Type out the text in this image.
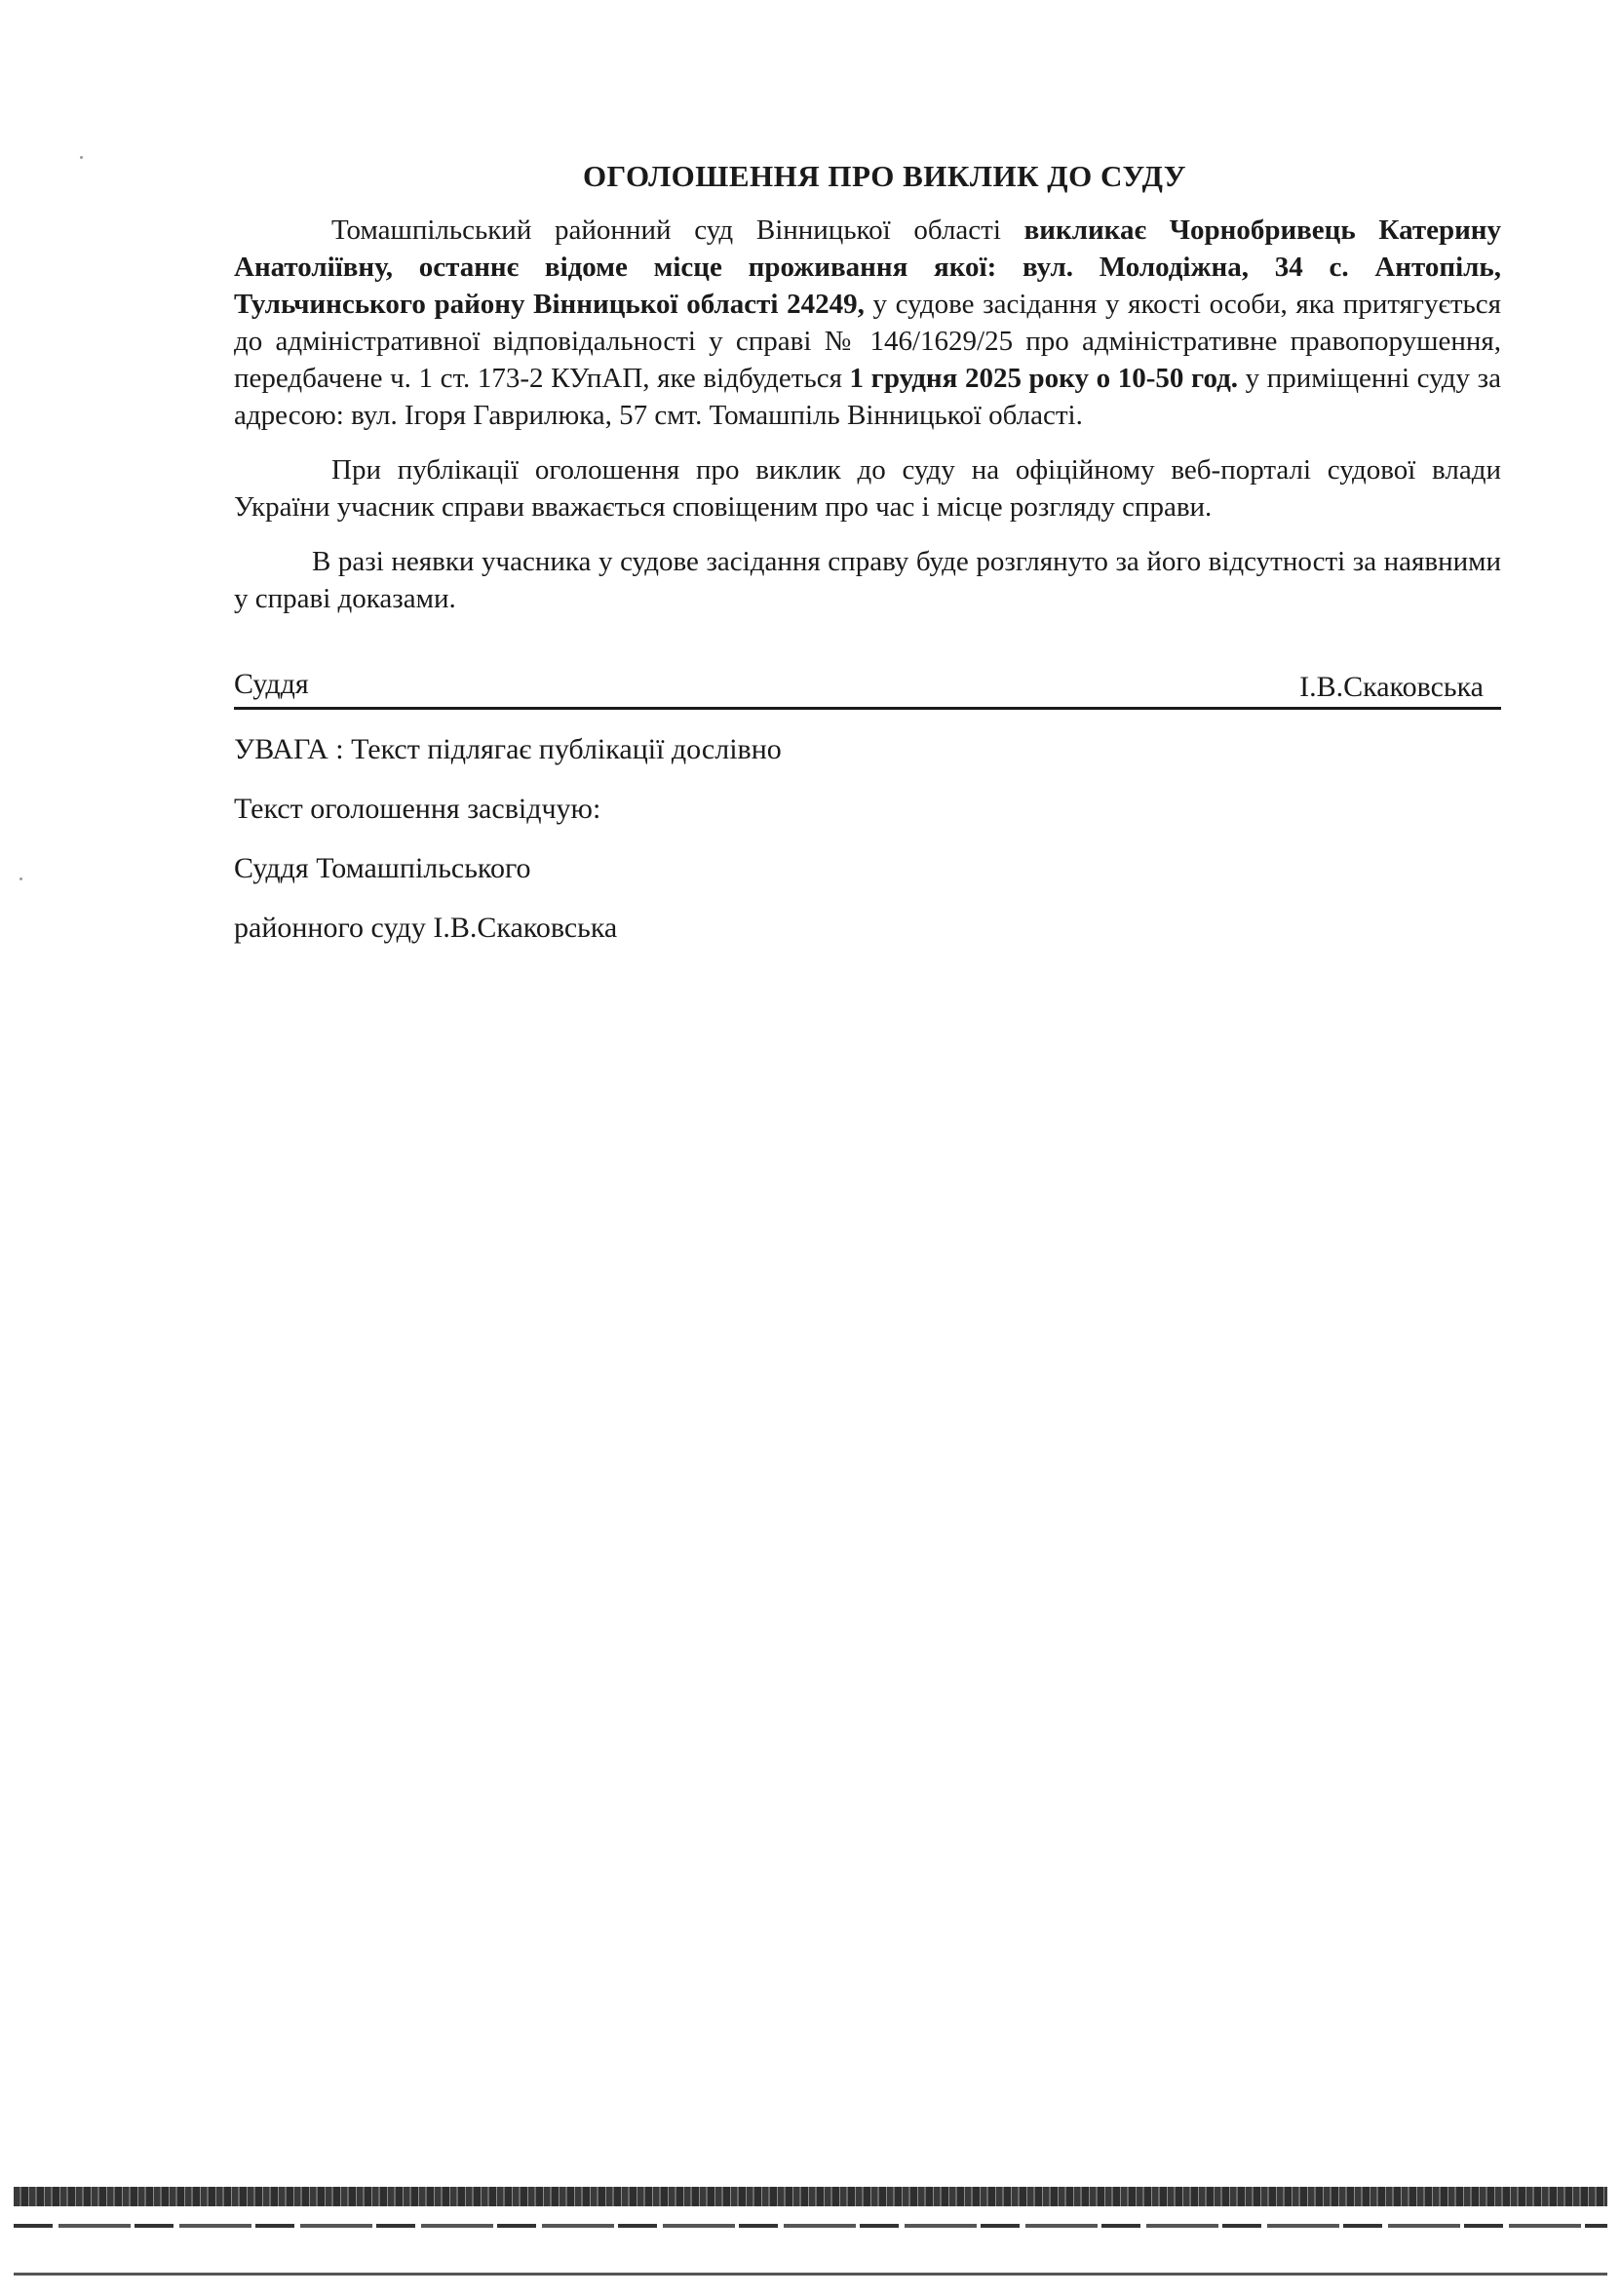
ОГОЛОШЕННЯ ПРО ВИКЛИК ДО СУДУ

Томашпільський районний суд Вінницької області викликає Чорнобривець Катерину Анатоліївну, останнє відоме місце проживання якої: вул. Молодіжна, 34 с. Антопіль, Тульчинського району Вінницької області 24249, у судове засідання у якості особи, яка притягується до адміністративної відповідальності у справі № 146/1629/25 про адміністративне правопорушення, передбачене ч. 1 ст. 173-2 КУпАП, яке відбудеться 1 грудня 2025 року о 10-50 год. у приміщенні суду за адресою: вул. Ігоря Гаврилюка, 57 смт. Томашпіль Вінницької області.

При публікації оголошення про виклик до суду на офіційному веб-порталі судової влади України учасник справи вважається сповіщеним про час і місце розгляду справи.

В разі неявки учасника у судове засідання справу буде розглянуто за його відсутності за наявними у справі доказами.

Суддя	І.В.Скаковська
УВАГА : Текст підлягає публікації дослівно
Текст оголошення засвідчую:
Суддя Томашпільського
районного суду І.В.Скаковська
